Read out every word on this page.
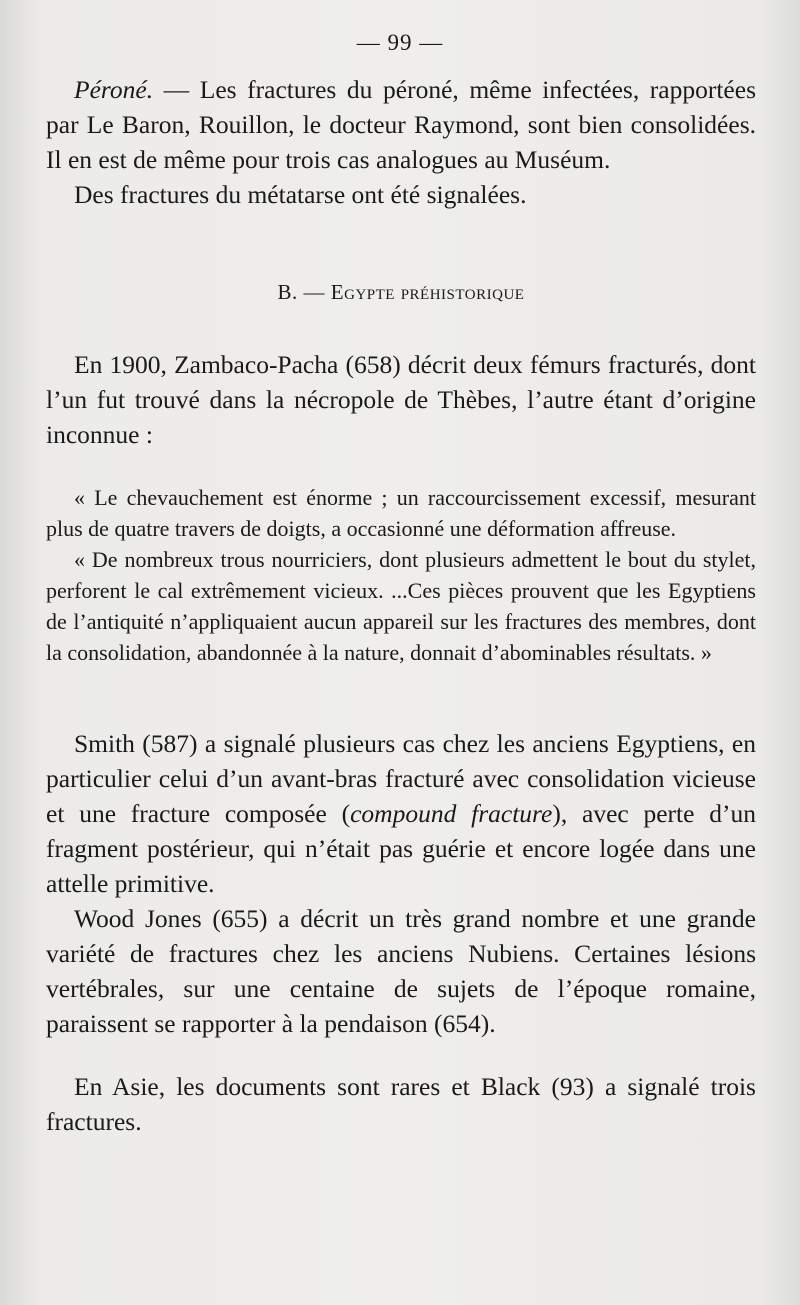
— 99 —

Péroné. — Les fractures du péroné, même infectées, rapportées par Le Baron, Rouillon, le docteur Raymond, sont bien consolidées. Il en est de même pour trois cas analogues au Muséum.

Des fractures du métatarse ont été signalées.

B. — Egypte préhistorique

En 1900, Zambaco-Pacha (658) décrit deux fémurs fracturés, dont l’un fut trouvé dans la nécropole de Thèbes, l’autre étant d’origine inconnue :

« Le chevauchement est énorme ; un raccourcissement excessif, mesurant plus de quatre travers de doigts, a occasionné une déformation affreuse.

« De nombreux trous nourriciers, dont plusieurs admettent le bout du stylet, perforent le cal extrêmement vicieux. ...Ces pièces prouvent que les Egyptiens de l’antiquité n’appliquaient aucun appareil sur les fractures des membres, dont la consolidation, abandonnée à la nature, donnait d’abominables résultats. »

Smith (587) a signalé plusieurs cas chez les anciens Egyptiens, en particulier celui d’un avant-bras fracturé avec consolidation vicieuse et une fracture composée (compound fracture), avec perte d’un fragment postérieur, qui n’était pas guérie et encore logée dans une attelle primitive.

Wood Jones (655) a décrit un très grand nombre et une grande variété de fractures chez les anciens Nubiens. Certaines lésions vertébrales, sur une centaine de sujets de l’époque romaine, paraissent se rapporter à la pendaison (654).

En Asie, les documents sont rares et Black (93) a signalé trois fractures.
